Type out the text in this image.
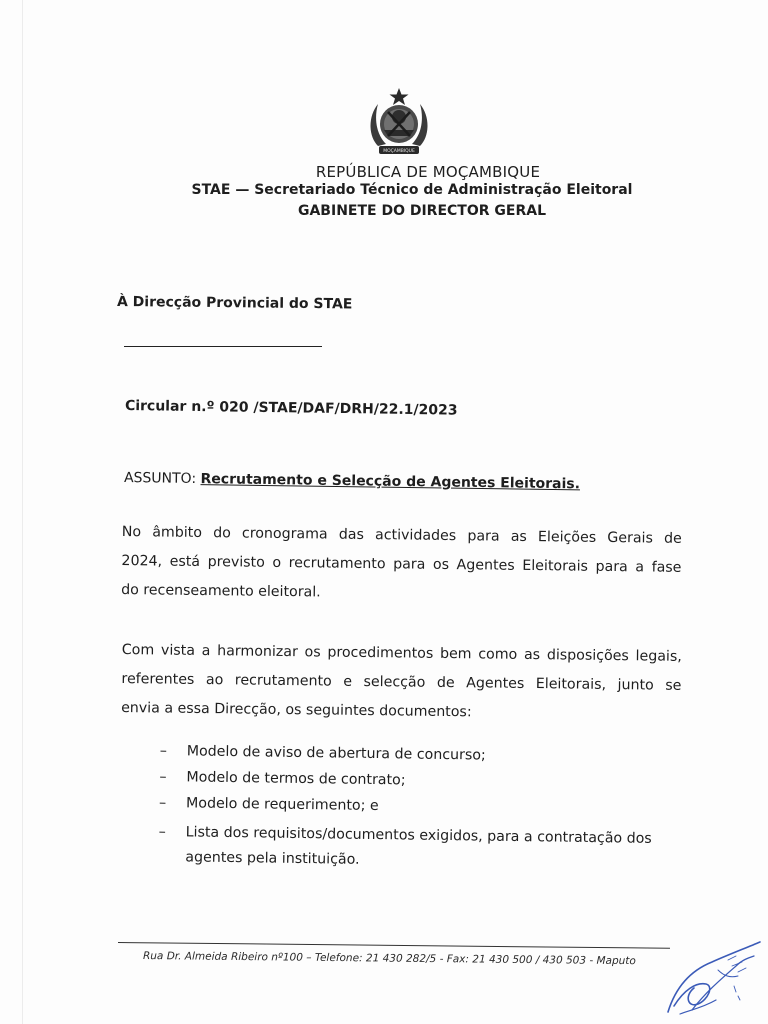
MOÇAMBIQUE
REPÚBLICA DE MOÇAMBIQUE
STAE — Secretariado Técnico de Administração Eleitoral
GABINETE DO DIRECTOR GERAL
À Direcção Provincial do STAE
Circular n.º 020 /STAE/DAF/DRH/22.1/2023
ASSUNTO: Recrutamento e Selecção de Agentes Eleitorais.
No âmbito do cronograma das actividades para as Eleições Gerais de
2024, está previsto o recrutamento para os Agentes Eleitorais para a fase
do recenseamento eleitoral.
Com vista a harmonizar os procedimentos bem como as disposições legais,
referentes ao recrutamento e selecção de Agentes Eleitorais, junto se
envia a essa Direcção, os seguintes documentos:
– Modelo de aviso de abertura de concurso;
– Modelo de termos de contrato;
– Modelo de requerimento; e
– Lista dos requisitos/documentos exigidos, para a contratação dos
agentes pela instituição.
Rua Dr. Almeida Ribeiro nº100 – Telefone: 21 430 282/5 - Fax: 21 430 500 / 430 503 - Maputo
